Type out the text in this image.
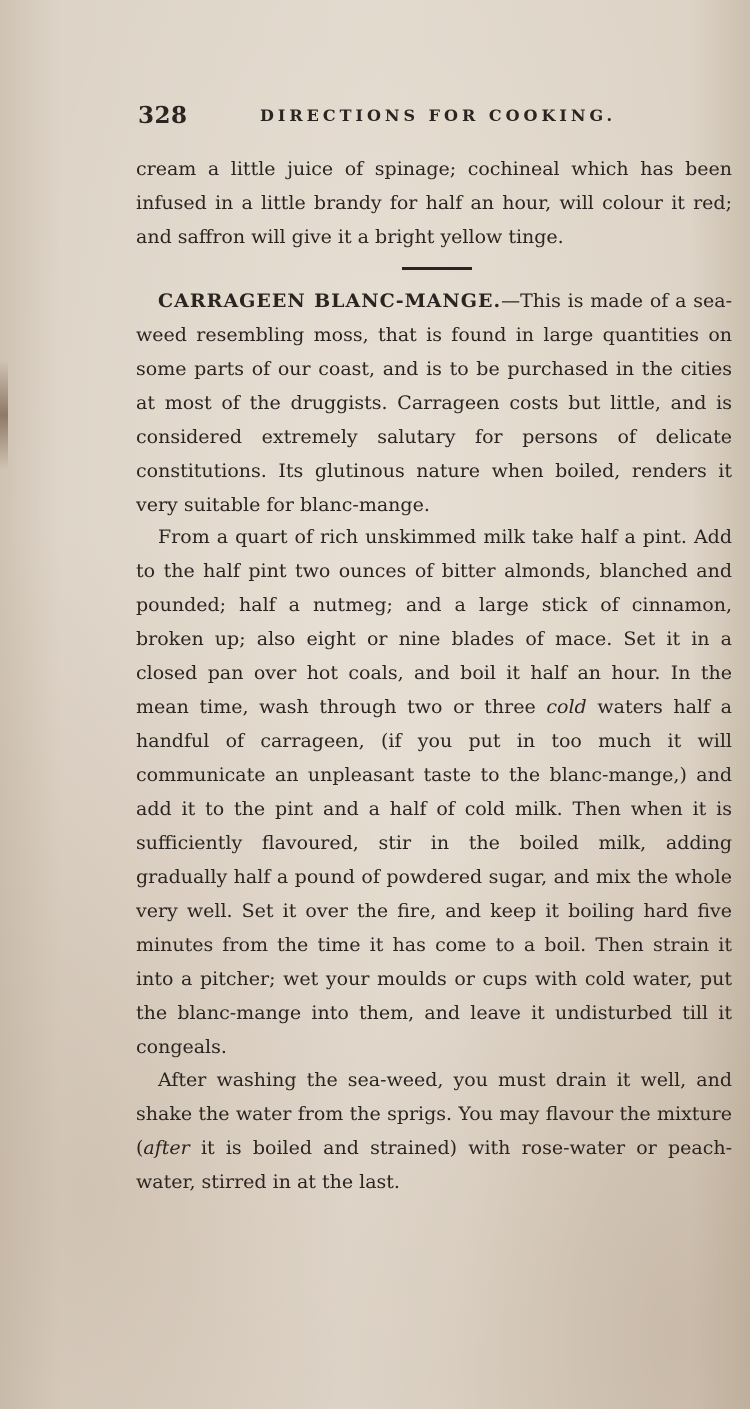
328	DIRECTIONS FOR COOKING.

cream a little juice of spinage; cochineal which has been infused in a little brandy for half an hour, will colour it red; and saffron will give it a bright yellow tinge.

CARRAGEEN BLANC-MANGE.—This is made of a sea-weed resembling moss, that is found in large quantities on some parts of our coast, and is to be purchased in the cities at most of the druggists. Carrageen costs but little, and is considered extremely salutary for persons of delicate constitutions. Its glutinous nature when boiled, renders it very suitable for blanc-mange.

From a quart of rich unskimmed milk take half a pint. Add to the half pint two ounces of bitter almonds, blanched and pounded; half a nutmeg; and a large stick of cinnamon, broken up; also eight or nine blades of mace. Set it in a closed pan over hot coals, and boil it half an hour. In the mean time, wash through two or three cold waters half a handful of carrageen, (if you put in too much it will communicate an unpleasant taste to the blanc-mange,) and add it to the pint and a half of cold milk. Then when it is sufficiently flavoured, stir in the boiled milk, adding gradually half a pound of powdered sugar, and mix the whole very well. Set it over the fire, and keep it boiling hard five minutes from the time it has come to a boil. Then strain it into a pitcher; wet your moulds or cups with cold water, put the blanc-mange into them, and leave it undisturbed till it congeals.

After washing the sea-weed, you must drain it well, and shake the water from the sprigs. You may flavour the mixture (after it is boiled and strained) with rose-water or peach-water, stirred in at the last.
